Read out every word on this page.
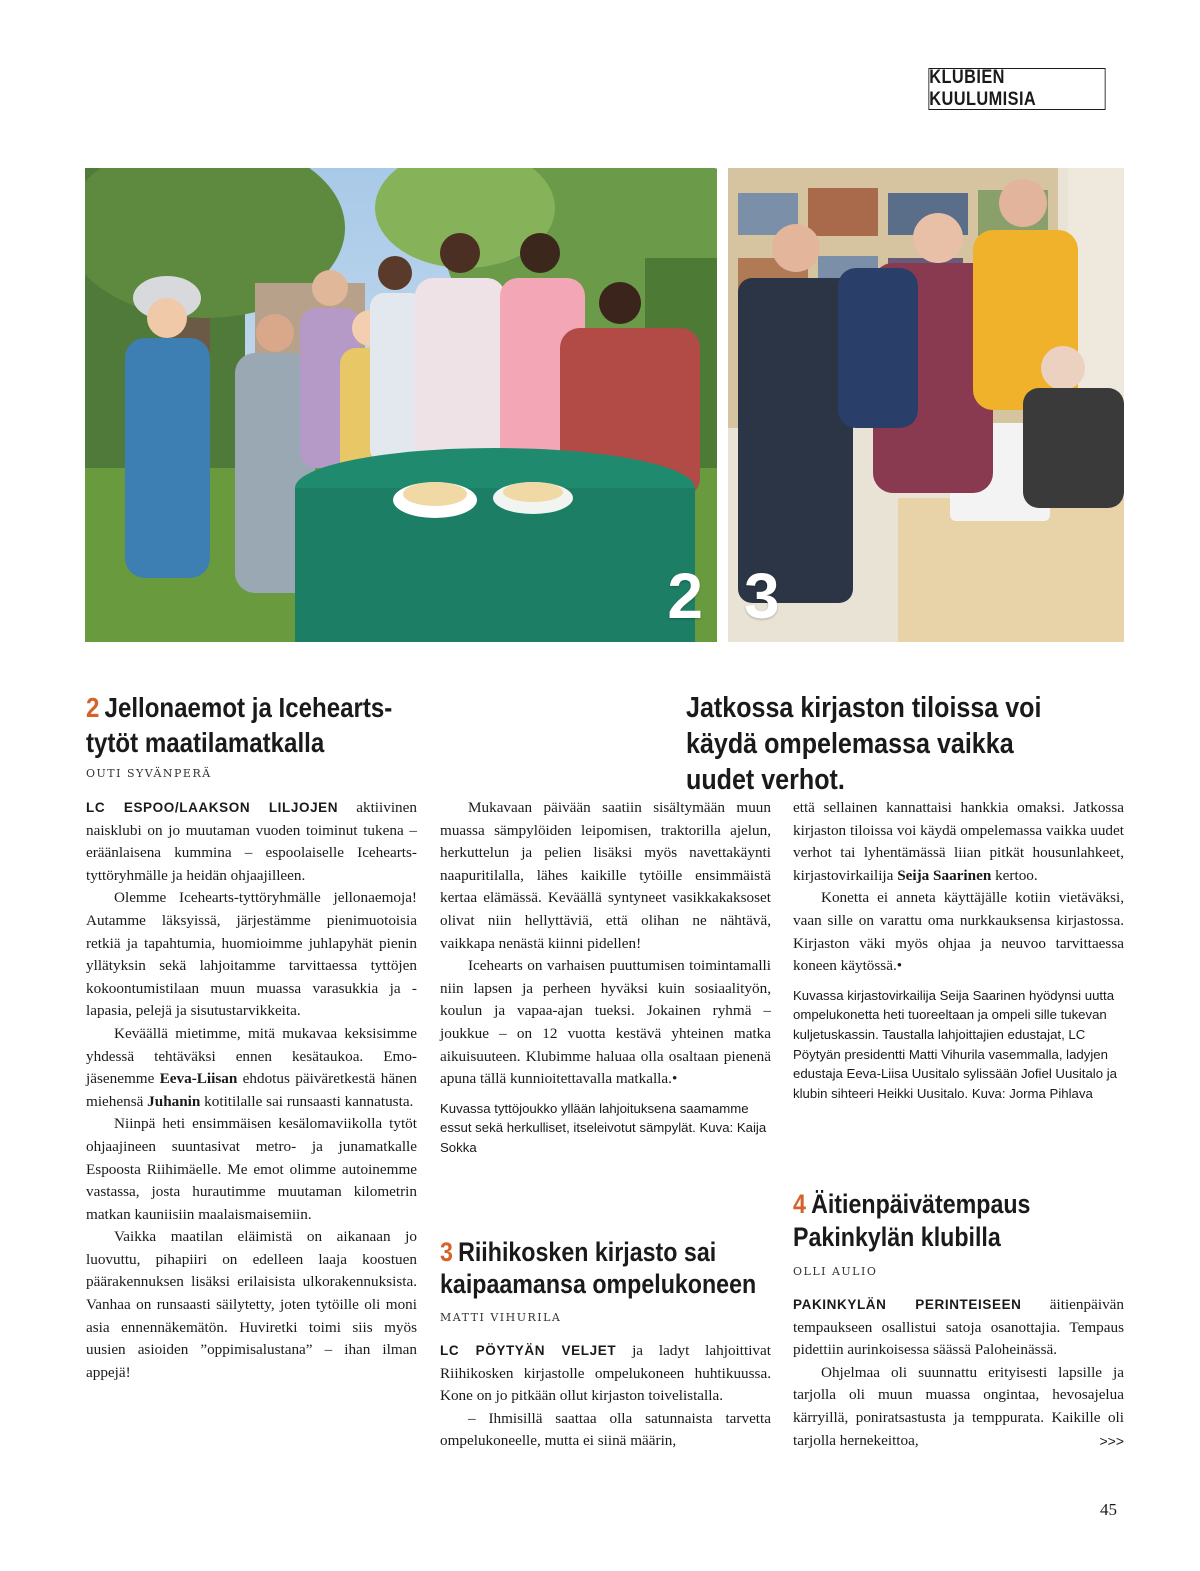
KLUBIEN KUULUMISIA
2 3
2 Jellonaemot ja Icehearts-
tytöt maatilamatkalla
OUTI SYVÄNPERÄ
Jatkossa kirjaston tiloissa voi käydä ompelemassa vaikka uudet verhot.

LC ESPOO/LAAKSON LILJOJEN aktiivinen naisklubi on jo muutaman vuoden toiminut tukena – eräänlaisena kummina – espoolaiselle Icehearts-tyttöryhmälle ja heidän ohjaajilleen.

Olemme Icehearts-tyttöryhmälle jellonaemoja! Autamme läksyissä, järjestämme pienimuotoisia retkiä ja tapahtumia, huomioimme juhlapyhät pienin yllätyksin sekä lahjoitamme tarvittaessa tyttöjen kokoontumistilaan muun muassa varasukkia ja -lapasia, pelejä ja sisutustarvikkeita.

Keväällä mietimme, mitä mukavaa keksisimme yhdessä tehtäväksi ennen kesätaukoa. Emo-jäsenemme Eeva-Liisan ehdotus päiväretkestä hänen miehensä Juhanin kotitilalle sai runsaasti kannatusta.

Niinpä heti ensimmäisen kesälomaviikolla tytöt ohjaajineen suuntasivat metro- ja junamatkalle Espoosta Riihimäelle. Me emot olimme autoinemme vastassa, josta hurautimme muutaman kilometrin matkan kauniisiin maalaismaisemiin.

Vaikka maatilan eläimistä on aikanaan jo luovuttu, pihapiiri on edelleen laaja koostuen päärakennuksen lisäksi erilaisista ulkorakennuksista. Vanhaa on runsaasti säilytetty, joten tytöille oli moni asia ennennäkemätön. Huviretki toimi siis myös uusien asioiden ”oppimisalustana” – ihan ilman appejä!

Mukavaan päivään saatiin sisältymään muun muassa sämpylöiden leipomisen, traktorilla ajelun, herkuttelun ja pelien lisäksi myös navettakäynti naapuritilalla, lähes kaikille tytöille ensimmäistä kertaa elämässä. Keväällä syntyneet vasikkakaksoset olivat niin hellyttäviä, että olihan ne nähtävä, vaikkapa nenästä kiinni pidellen!

Icehearts on varhaisen puuttumisen toimintamalli niin lapsen ja perheen hyväksi kuin sosiaalityön, koulun ja vapaa-ajan tueksi. Jokainen ryhmä – joukkue – on 12 vuotta kestävä yhteinen matka aikuisuuteen. Klubimme haluaa olla osaltaan pienenä apuna tällä kunnioitettavalla matkalla.•

Kuvassa tyttöjoukko yllään lahjoituksena saamamme essut sekä herkulliset, itseleivotut sämpylät. Kuva: Kaija Sokka
3 Riihikosken kirjasto sai
kaipaamansa ompelukoneen
MATTI VIHURILA

LC PÖYTYÄN VELJET ja ladyt lahjoittivat Riihikosken kirjastolle ompelukoneen huhtikuussa. Kone on jo pitkään ollut kirjaston toivelistalla.

– Ihmisillä saattaa olla satunnaista tarvetta ompelukoneelle, mutta ei siinä määrin,

että sellainen kannattaisi hankkia omaksi. Jatkossa kirjaston tiloissa voi käydä ompelemassa vaikka uudet verhot tai lyhentämässä liian pitkät housunlahkeet, kirjastovirkailija Seija Saarinen kertoo.

Konetta ei anneta käyttäjälle kotiin vietäväksi, vaan sille on varattu oma nurkkauksensa kirjastossa. Kirjaston väki myös ohjaa ja neuvoo tarvittaessa koneen käytössä.•

Kuvassa kirjastovirkailija Seija Saarinen hyödynsi uutta ompelukonetta heti tuoreeltaan ja ompeli sille tukevan kuljetuskassin. Taustalla lahjoittajien edustajat, LC Pöytyän presidentti Matti Vihurila vasemmalla, ladyjen edustaja Eeva-Liisa Uusitalo sylissään Jofiel Uusitalo ja klubin sihteeri Heikki Uusitalo. Kuva: Jorma Pihlava
4 Äitienpäivätempaus
Pakinkylän klubilla
OLLI AULIO

PAKINKYLÄN PERINTEISEEN äitienpäivän tempaukseen osallistui satoja osanottajia. Tempaus pidettiin aurinkoisessa säässä Paloheinässä.

Ohjelmaa oli suunnattu erityisesti lapsille ja tarjolla oli muun muassa ongintaa, hevosajelua kärryillä, poniratsastusta ja temppurata. Kaikille oli tarjolla hernekeittoa,	>>>

45
